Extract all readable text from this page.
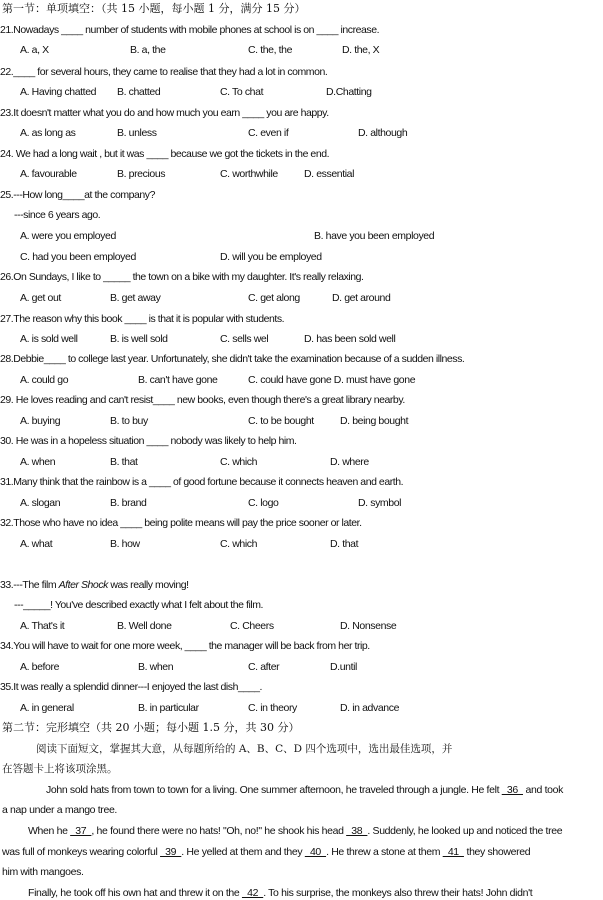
第一节：单项填空：（共 15 小题，每小题 1 分，满分 15 分）
21.Nowadays ____ number of students with mobile phones at school is on ____ increase.
A. a, X	B. a, the	C. the, the	D. the, X
22.____ for several hours, they came to realise that they had a lot in common.
A. Having chatted B. chatted	C. To chat	D.Chatting
23.It doesn't matter what you do and how much you earn ____ you are happy.
A. as long as	B. unless	C. even if	D. although
24. We had a long wait , but it was ____ because we got the tickets in the end.
A. favourable	B. precious	C. worthwhile D. essential
25.---How long____at the company?
---since 6 years ago.
A. were you employed	B. have you been employed
C. had you been employed	D. will you be employed
26.On Sundays, I like to _____ the town on a bike with my daughter. It's really relaxing.
A. get out	B. get away	C. get along	D. get around
27.The reason why this book ____ is that it is popular with students.
A. is sold well	B. is well sold	C. sells wel	D. has been sold well
28.Debbie____ to college last year. Unfortunately, she didn't take the examination because of a sudden illness.
A. could go	B. can't have gone	C. could have gone D. must have gone
29. He loves reading and can't resist____ new books, even though there's a great library nearby.
A. buying	B. to buy	C. to be bought D. being bought
30. He was in a hopeless situation ____ nobody was likely to help him.
A. when	B. that	C. which	D. where
31.Many think that the rainbow is a ____ of good fortune because it connects heaven and earth.
A. slogan	B. brand	C. logo	D. symbol
32.Those who have no idea ____ being polite means will pay the price sooner or later.
A. what	B. how	C. which	D. that
33.---The film After Shock was really moving!
---_____! You've described exactly what I felt about the film.
A. That's it	B. Well done	C. Cheers	D. Nonsense
34.You will have to wait for one more week, ____ the manager will be back from her trip.
A. before	B. when	C. after	D.until
35.It was really a splendid dinner---I enjoyed the last dish____.
A. in general	B. in particular	C. in theory	D. in advance
第二节：完形填空（共 20 小题；每小题 1.5 分，共 30 分）
阅读下面短文，掌握其大意，从每题所给的 A、B、C、D 四个选项中，选出最佳选项，并
在答题卡上将该项涂黑。
John sold hats from town to town for a living. One summer afternoon, he traveled through a jungle. He felt   36   and took
a nap under a mango tree.
When he   37  , he found there were no hats! "Oh, no!" he shook his head   38  . Suddenly, he looked up and noticed the tree
was full of monkeys wearing colorful   39  . He yelled at them and they   40  . He threw a stone at them   41   they showered
him with mangoes.
Finally, he took off his own hat and threw it on the   42  . To his surprise, the monkeys also threw their hats! John didn't
